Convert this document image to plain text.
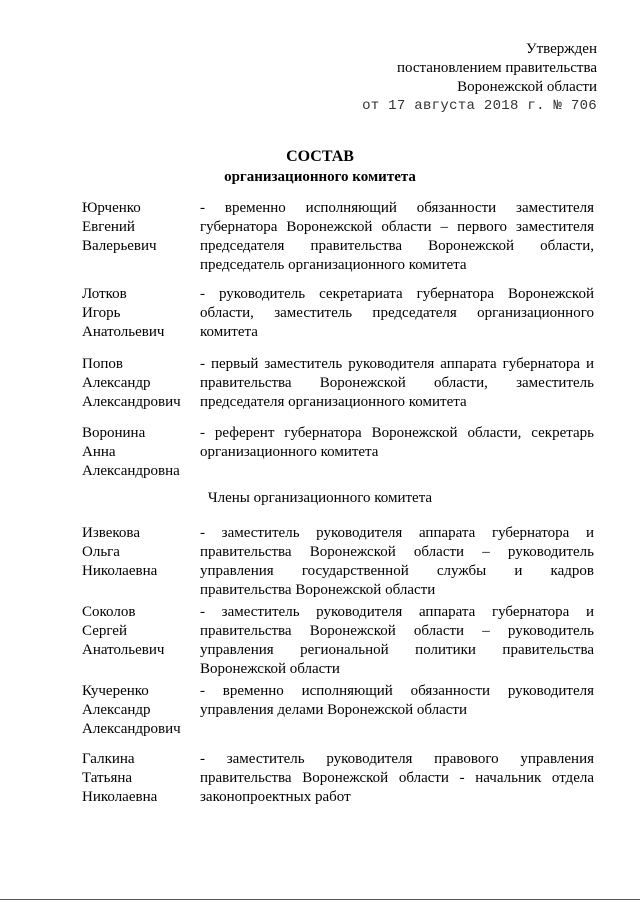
Утвержден
постановлением правительства
Воронежской области
от 17 августа 2018 г. № 706
СОСТАВ
организационного комитета
Юрченко
Евгений
Валерьевич
- временно исполняющий обязанности заместителя
губернатора Воронежской области – первого заместителя
председателя правительства Воронежской области,
председатель организационного комитета
Лотков
Игорь
Анатольевич
- руководитель секретариата губернатора Воронежской
области, заместитель председателя организационного
комитета
Попов
Александр
Александрович
- первый заместитель руководителя аппарата губернатора и
правительства Воронежской области, заместитель
председателя организационного комитета
Воронина
Анна
Александровна
- референт губернатора Воронежской области, секретарь
организационного комитета
Члены организационного комитета
Извекова
Ольга
Николаевна
- заместитель руководителя аппарата губернатора и
правительства Воронежской области – руководитель
управления государственной службы и кадров
правительства Воронежской области
Соколов
Сергей
Анатольевич
- заместитель руководителя аппарата губернатора и
правительства Воронежской области – руководитель
управления региональной политики правительства
Воронежской области
Кучеренко
Александр
Александрович
- временно исполняющий обязанности руководителя
управления делами Воронежской области
Галкина
Татьяна
Николаевна
- заместитель руководителя правового управления
правительства Воронежской области - начальник отдела
законопроектных работ
